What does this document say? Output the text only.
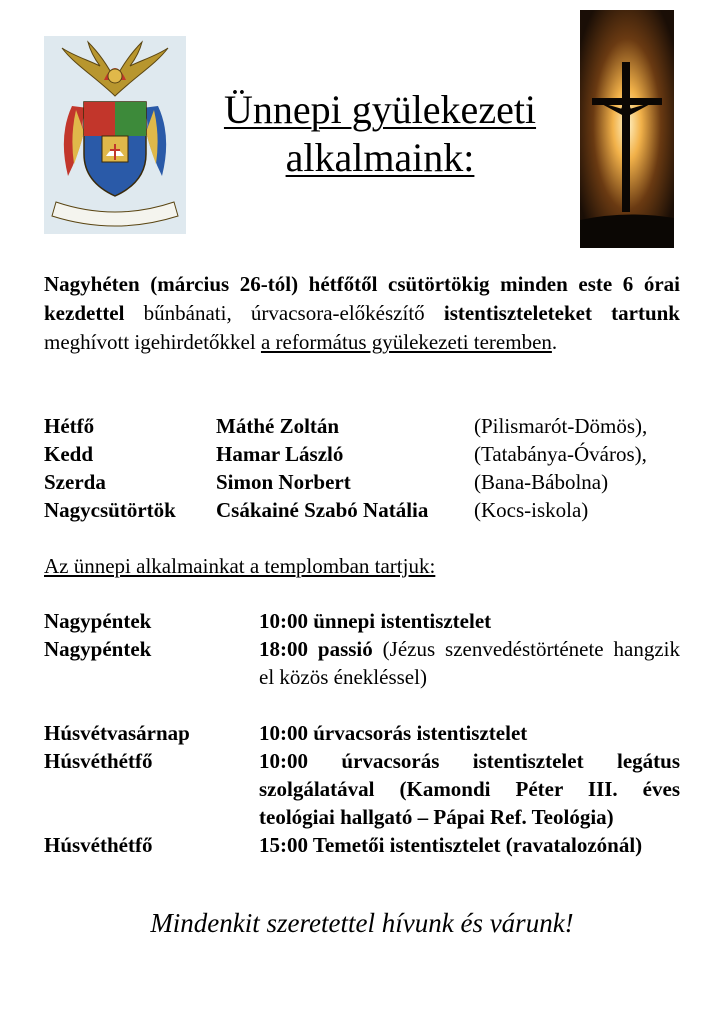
Ünnepi gyülekezeti
alkalmaink:
Nagyhéten (március 26-tól) hétfőtől csütörtökig minden este 6 órai kezdettel bűnbánati, úrvacsora-előkészítő istentiszteleteket tartunk meghívott igehirdetőkkel a református gyülekezeti teremben.
Hétfő	Máthé Zoltán	(Pilismarót-Dömös),
Kedd	Hamar László	(Tatabánya-Óváros),
Szerda	Simon Norbert	(Bana-Bábolna)
Nagycsütörtök	Csákainé Szabó Natália	(Kocs-iskola)
Az ünnepi alkalmainkat a templomban tartjuk:
Nagypéntek	10:00 ünnepi istentisztelet
Nagypéntek	18:00 passió (Jézus szenvedéstörténete hangzik el közös énekléssel)
Húsvétvasárnap	10:00 úrvacsorás istentisztelet
Húsvéthétfő	10:00 úrvacsorás istentisztelet legátus szolgálatával (Kamondi Péter III. éves teológiai hallgató – Pápai Ref. Teológia)
Húsvéthétfő	15:00 Temetői istentisztelet (ravatalozónál)
Mindenkit szeretettel hívunk és várunk!
